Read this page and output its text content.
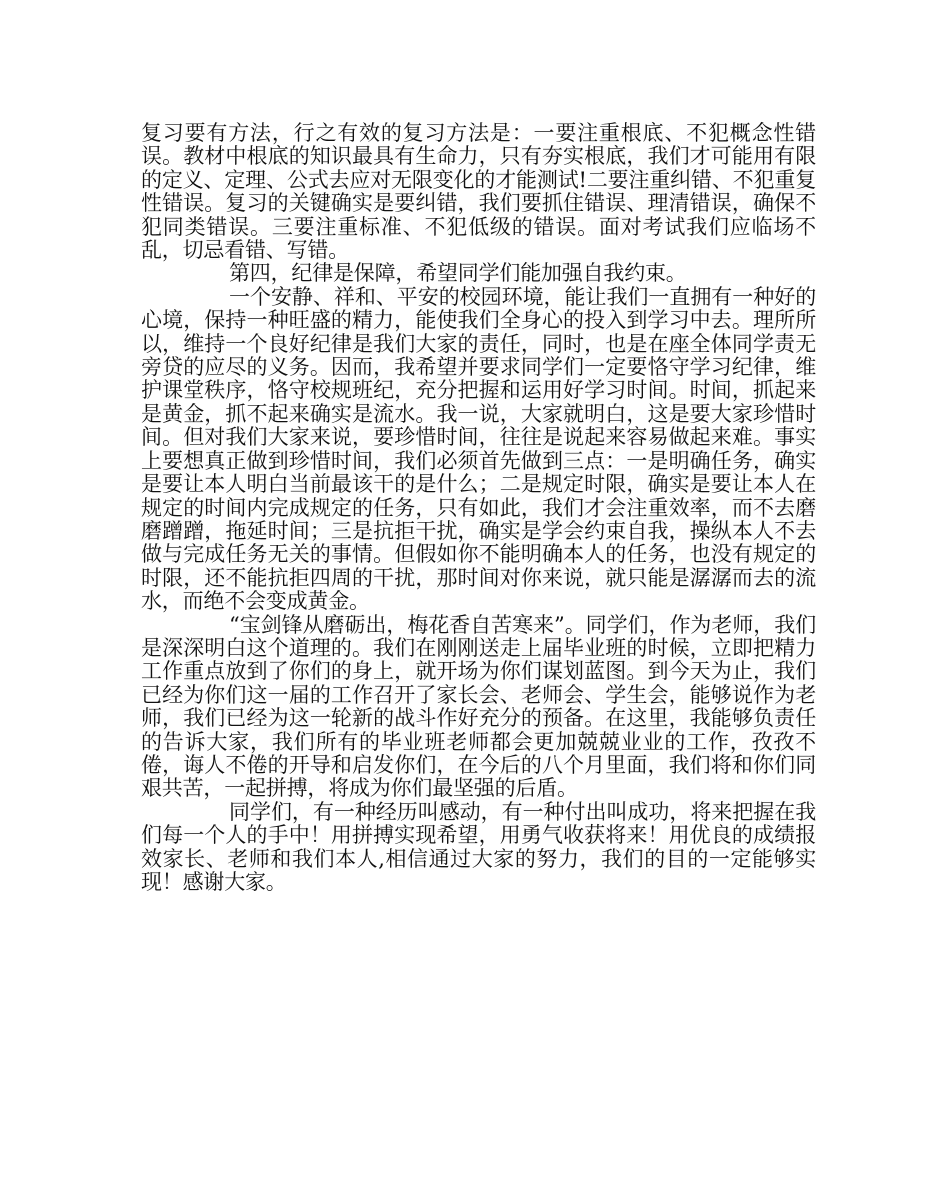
复习要有方法，行之有效的复习方法是：一要注重根底、不犯概念性错误。教材中根底的知识最具有生命力，只有夯实根底，我们才可能用有限的定义、定理、公式去应对无限变化的才能测试!二要注重纠错、不犯重复性错误。复习的关键确实是要纠错，我们要抓住错误、理清错误，确保不犯同类错误。三要注重标准、不犯低级的错误。面对考试我们应临场不乱，切忌看错、写错。

第四，纪律是保障，希望同学们能加强自我约束。

一个安静、祥和、平安的校园环境，能让我们一直拥有一种好的心境，保持一种旺盛的精力，能使我们全身心的投入到学习中去。理所所以，维持一个良好纪律是我们大家的责任，同时，也是在座全体同学责无旁贷的应尽的义务。因而，我希望并要求同学们一定要恪守学习纪律，维护课堂秩序，恪守校规班纪，充分把握和运用好学习时间。时间，抓起来是黄金，抓不起来确实是流水。我一说，大家就明白，这是要大家珍惜时间。但对我们大家来说，要珍惜时间，往往是说起来容易做起来难。事实上要想真正做到珍惜时间，我们必须首先做到三点：一是明确任务，确实是要让本人明白当前最该干的是什么；二是规定时限，确实是要让本人在规定的时间内完成规定的任务，只有如此，我们才会注重效率，而不去磨磨蹭蹭，拖延时间；三是抗拒干扰，确实是学会约束自我，操纵本人不去做与完成任务无关的事情。但假如你不能明确本人的任务，也没有规定的时限，还不能抗拒四周的干扰，那时间对你来说，就只能是潺潺而去的流水，而绝不会变成黄金。

“宝剑锋从磨砺出，梅花香自苦寒来”。同学们，作为老师，我们是深深明白这个道理的。我们在刚刚送走上届毕业班的时候，立即把精力工作重点放到了你们的身上，就开场为你们谋划蓝图。到今天为止，我们已经为你们这一届的工作召开了家长会、老师会、学生会，能够说作为老师，我们已经为这一轮新的战斗作好充分的预备。在这里，我能够负责任的告诉大家，我们所有的毕业班老师都会更加兢兢业业的工作，孜孜不倦，诲人不倦的开导和启发你们，在今后的八个月里面，我们将和你们同艰共苦，一起拼搏，将成为你们最坚强的后盾。

同学们，有一种经历叫感动，有一种付出叫成功，将来把握在我们每一个人的手中！用拼搏实现希望，用勇气收获将来！用优良的成绩报效家长、老师和我们本人,相信通过大家的努力，我们的目的一定能够实现！感谢大家。
